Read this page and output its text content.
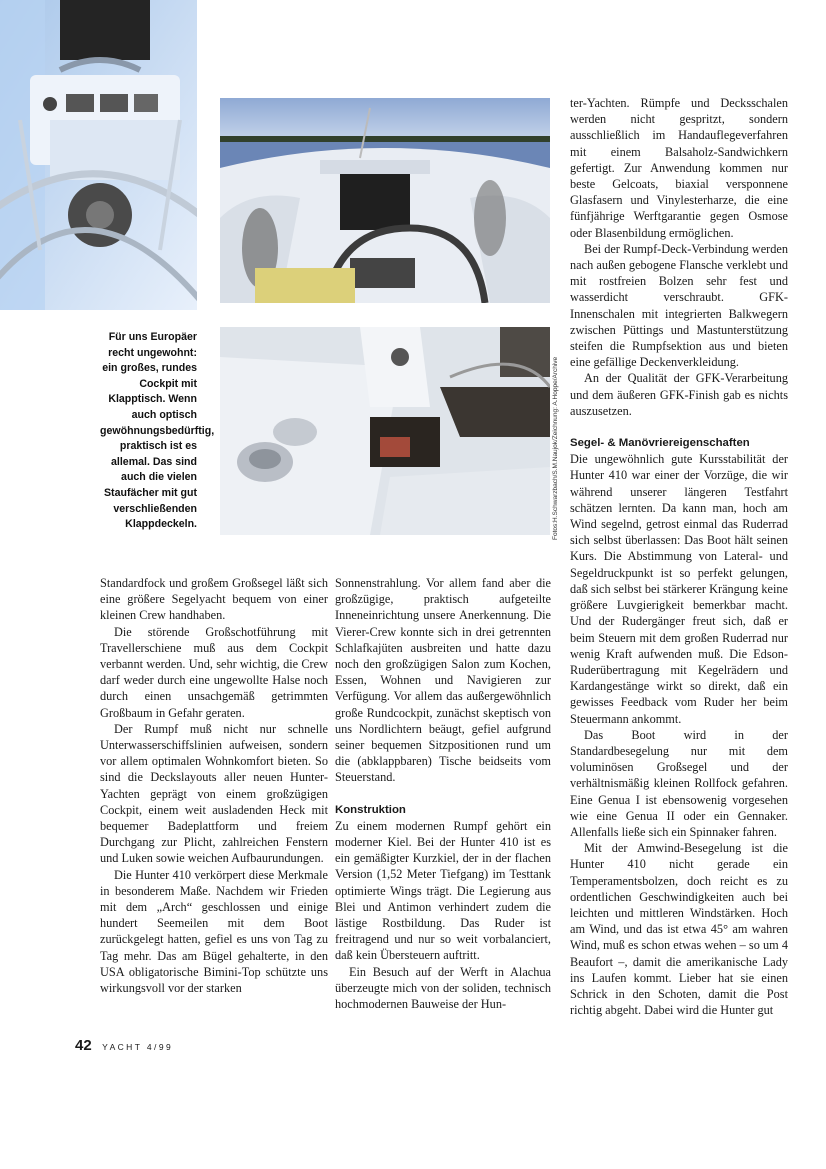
Für uns Europäer recht ungewohnt: ein großes, rundes Cockpit mit Klapptisch. Wenn auch optisch gewöhnungsbedürftig, praktisch ist es allemal. Das sind auch die vielen Staufächer mit gut verschließenden Klappdeckeln.	Fotos:H.Schwarzbach/S.M.Naujok/Zeichnung: A.Hoppe/Archive

Standardfock und großem Großsegel läßt sich eine größere Segelyacht bequem von einer kleinen Crew handhaben.

Die störende Großschotführung mit Travellerschiene muß aus dem Cockpit verbannt werden. Und, sehr wichtig, die Crew darf weder durch eine ungewollte Halse noch durch einen unsachgemäß getrimmten Großbaum in Gefahr geraten.

Der Rumpf muß nicht nur schnelle Unterwasserschiffslinien aufweisen, sondern vor allem optimalen Wohnkomfort bieten. So sind die Deckslayouts aller neuen Hunter-Yachten geprägt von einem großzügigen Cockpit, einem weit ausladenden Heck mit bequemer Badeplattform und freiem Durchgang zur Plicht, zahlreichen Fenstern und Luken sowie weichen Aufbaurundungen.

Die Hunter 410 verkörpert diese Merkmale in besonderem Maße. Nachdem wir Frieden mit dem „Arch“ geschlossen und einige hundert Seemeilen mit dem Boot zurückgelegt hatten, gefiel es uns von Tag zu Tag mehr. Das am Bügel gehalterte, in den USA obligatorische Bimini-Top schützte uns wirkungsvoll vor der starken

Sonnenstrahlung. Vor allem fand aber die großzügige, praktisch aufgeteilte Inneneinrichtung unsere Anerkennung. Die Vierer-Crew konnte sich in drei getrennten Schlafkajüten ausbreiten und hatte dazu noch den großzügigen Salon zum Kochen, Essen, Wohnen und Navigieren zur Verfügung. Vor allem das außergewöhnlich große Rundcockpit, zunächst skeptisch von uns Nordlichtern beäugt, gefiel aufgrund seiner bequemen Sitzpositionen rund um die (abklappbaren) Tische beidseits vom Steuerstand.

Konstruktion

Zu einem modernen Rumpf gehört ein moderner Kiel. Bei der Hunter 410 ist es ein gemäßigter Kurzkiel, der in der flachen Version (1,52 Meter Tiefgang) im Testtank optimierte Wings trägt. Die Legierung aus Blei und Antimon verhindert zudem die lästige Rostbildung. Das Ruder ist freitragend und nur so weit vorbalanciert, daß kein Übersteuern auftritt.

Ein Besuch auf der Werft in Alachua überzeugte mich von der soliden, technisch hochmodernen Bauweise der Hun-

ter-Yachten. Rümpfe und Decksschalen werden nicht gespritzt, sondern ausschließlich im Handauflegeverfahren mit einem Balsaholz-Sandwichkern gefertigt. Zur Anwendung kommen nur beste Gelcoats, biaxial versponnene Glasfasern und Vinylesterharze, die eine fünfjährige Werftgarantie gegen Osmose oder Blasenbildung ermöglichen.

Bei der Rumpf-Deck-Verbindung werden nach außen gebogene Flansche verklebt und mit rostfreien Bolzen sehr fest und wasserdicht verschraubt. GFK-Innenschalen mit integrierten Balkwegern zwischen Püttings und Mastunterstützung steifen die Rumpfsektion aus und bieten eine gefällige Deckenverkleidung.

An der Qualität der GFK-Verarbeitung und dem äußeren GFK-Finish gab es nichts auszusetzen.

Segel- & Manövriereigenschaften

Die ungewöhnlich gute Kursstabilität der Hunter 410 war einer der Vorzüge, die wir während unserer längeren Testfahrt schätzen lernten. Da kann man, hoch am Wind segelnd, getrost einmal das Ruderrad sich selbst überlassen: Das Boot hält seinen Kurs. Die Abstimmung von Lateral- und Segeldruckpunkt ist so perfekt gelungen, daß sich selbst bei stärkerer Krängung keine größere Luvgierigkeit bemerkbar macht. Und der Rudergänger freut sich, daß er beim Steuern mit dem großen Ruderrad nur wenig Kraft aufwenden muß. Die Edson-Ruderübertragung mit Kegelrädern und Kardangestänge wirkt so direkt, daß ein gewisses Feedback vom Ruder her beim Steuermann ankommt.

Das Boot wird in der Standardbesegelung nur mit dem voluminösen Großsegel und der verhältnismäßig kleinen Rollfock gefahren. Eine Genua I ist ebensowenig vorgesehen wie eine Genua II oder ein Gennaker. Allenfalls ließe sich ein Spinnaker fahren.

Mit der Amwind-Besegelung ist die Hunter 410 nicht gerade ein Temperamentsbolzen, doch reicht es zu ordentlichen Geschwindigkeiten auch bei leichten und mittleren Windstärken. Hoch am Wind, und das ist etwa 45° am wahren Wind, muß es schon etwas wehen – so um 4 Beaufort –, damit die amerikanische Lady ins Laufen kommt. Lieber hat sie einen Schrick in den Schoten, damit die Post richtig abgeht. Dabei wird die Hunter gut

42 YACHT 4/99
